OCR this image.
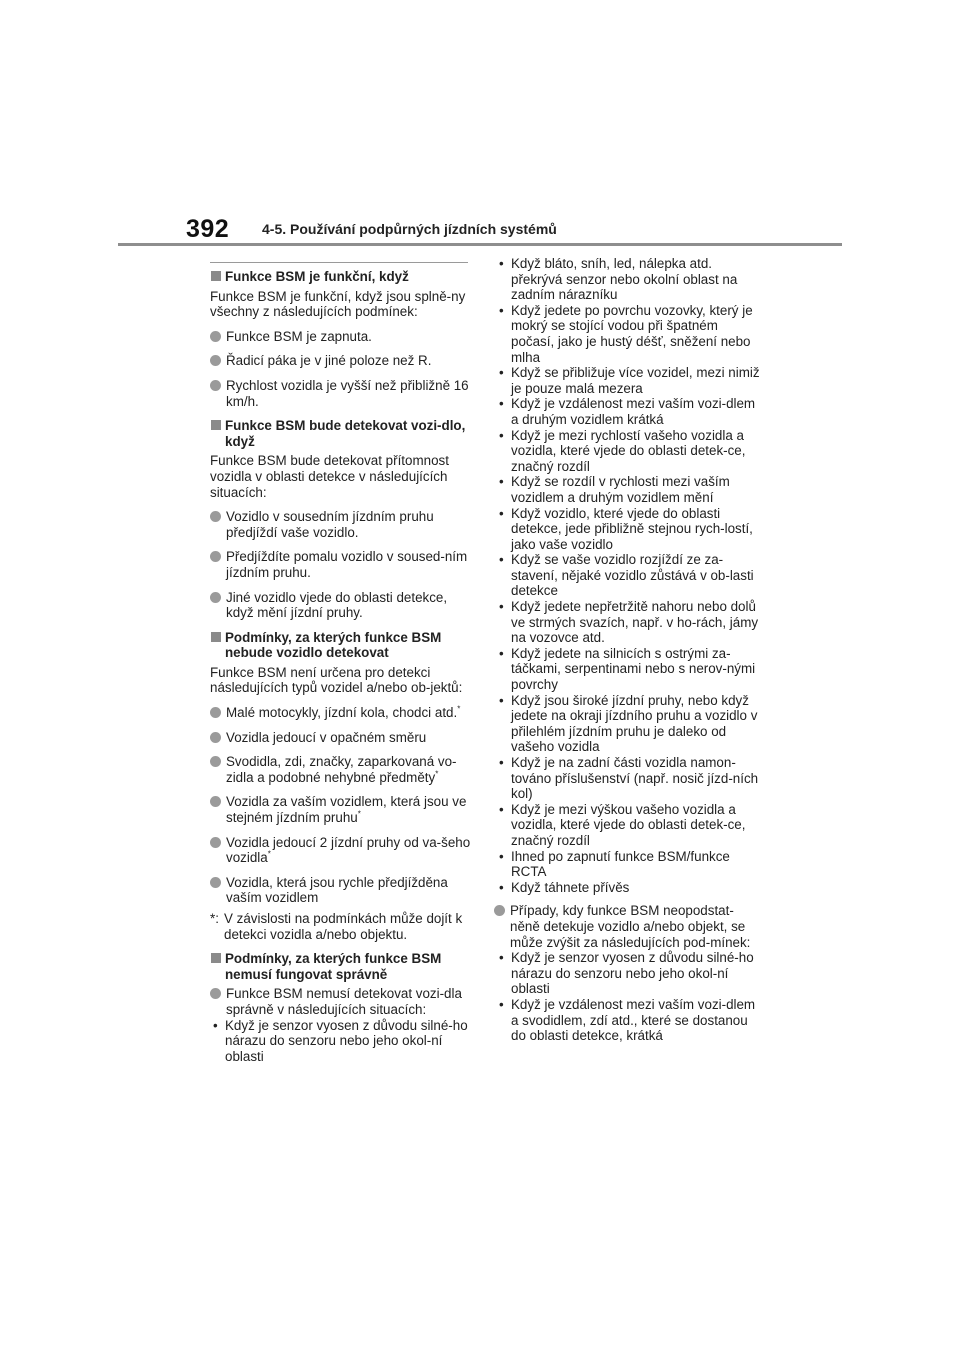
392 4-5. Používání podpůrných jízdních systémů
Funkce BSM je funkční, když
Funkce BSM je funkční, když jsou splně-ny všechny z následujících podmínek:
Funkce BSM je zapnuta.
Řadicí páka je v jiné poloze než R.
Rychlost vozidla je vyšší než přibližně 16 km/h.
Funkce BSM bude detekovat vozi-dlo, když
Funkce BSM bude detekovat přítomnost vozidla v oblasti detekce v následujících situacích:
Vozidlo v sousedním jízdním pruhu předjíždí vaše vozidlo.
Předjíždíte pomalu vozidlo v soused-ním jízdním pruhu.
Jiné vozidlo vjede do oblasti detekce, když mění jízdní pruhy.
Podmínky, za kterých funkce BSM nebude vozidlo detekovat
Funkce BSM není určena pro detekci následujících typů vozidel a/nebo ob-jektů:
Malé motocykly, jízdní kola, chodci atd.*
Vozidla jedoucí v opačném směru
Svodidla, zdi, značky, zaparkovaná vo-zidla a podobné nehybné předměty*
Vozidla za vaším vozidlem, která jsou ve stejném jízdním pruhu*
Vozidla jedoucí 2 jízdní pruhy od va-šeho vozidla*
Vozidla, která jsou rychle předjížděna vaším vozidlem
*: V závislosti na podmínkách může dojít k detekci vozidla a/nebo objektu.
Podmínky, za kterých funkce BSM nemusí fungovat správně
Funkce BSM nemusí detekovat vozi-dla správně v následujících situacích:
• Když je senzor vyosen z důvodu silné-ho nárazu do senzoru nebo jeho okol-ní oblasti
• Když bláto, sníh, led, nálepka atd. překrývá senzor nebo okolní oblast na zadním nárazníku
• Když jedete po povrchu vozovky, který je mokrý se stojící vodou při špatném počasí, jako je hustý déšť, sněžení nebo mlha
• Když se přibližuje více vozidel, mezi nimiž je pouze malá mezera
• Když je vzdálenost mezi vaším vozi-dlem a druhým vozidlem krátká
• Když je mezi rychlostí vašeho vozidla a vozidla, které vjede do oblasti detek-ce, značný rozdíl
• Když se rozdíl v rychlosti mezi vaším vozidlem a druhým vozidlem mění
• Když vozidlo, které vjede do oblasti detekce, jede přibližně stejnou rych-lostí, jako vaše vozidlo
• Když se vaše vozidlo rozjíždí ze za-stavení, nějaké vozidlo zůstává v ob-lasti detekce
• Když jedete nepřetržitě nahoru nebo dolů ve strmých svazích, např. v ho-rách, jámy na vozovce atd.
• Když jedete na silnicích s ostrými za-táčkami, serpentinami nebo s nerov-nými povrchy
• Když jsou široké jízdní pruhy, nebo když jedete na okraji jízdního pruhu a vozidlo v přilehlém jízdním pruhu je daleko od vašeho vozidla
• Když je na zadní části vozidla namon-továno příslušenství (např. nosič jízd-ních kol)
• Když je mezi výškou vašeho vozidla a vozidla, které vjede do oblasti detek-ce, značný rozdíl
• Ihned po zapnutí funkce BSM/funkce RCTA
• Když táhnete přívěs
Případy, kdy funkce BSM neopodstat-něně detekuje vozidlo a/nebo objekt, se může zvýšit za následujících pod-mínek:
• Když je senzor vyosen z důvodu silné-ho nárazu do senzoru nebo jeho okol-ní oblasti
• Když je vzdálenost mezi vaším vozi-dlem a svodidlem, zdí atd., které se dostanou do oblasti detekce, krátká
